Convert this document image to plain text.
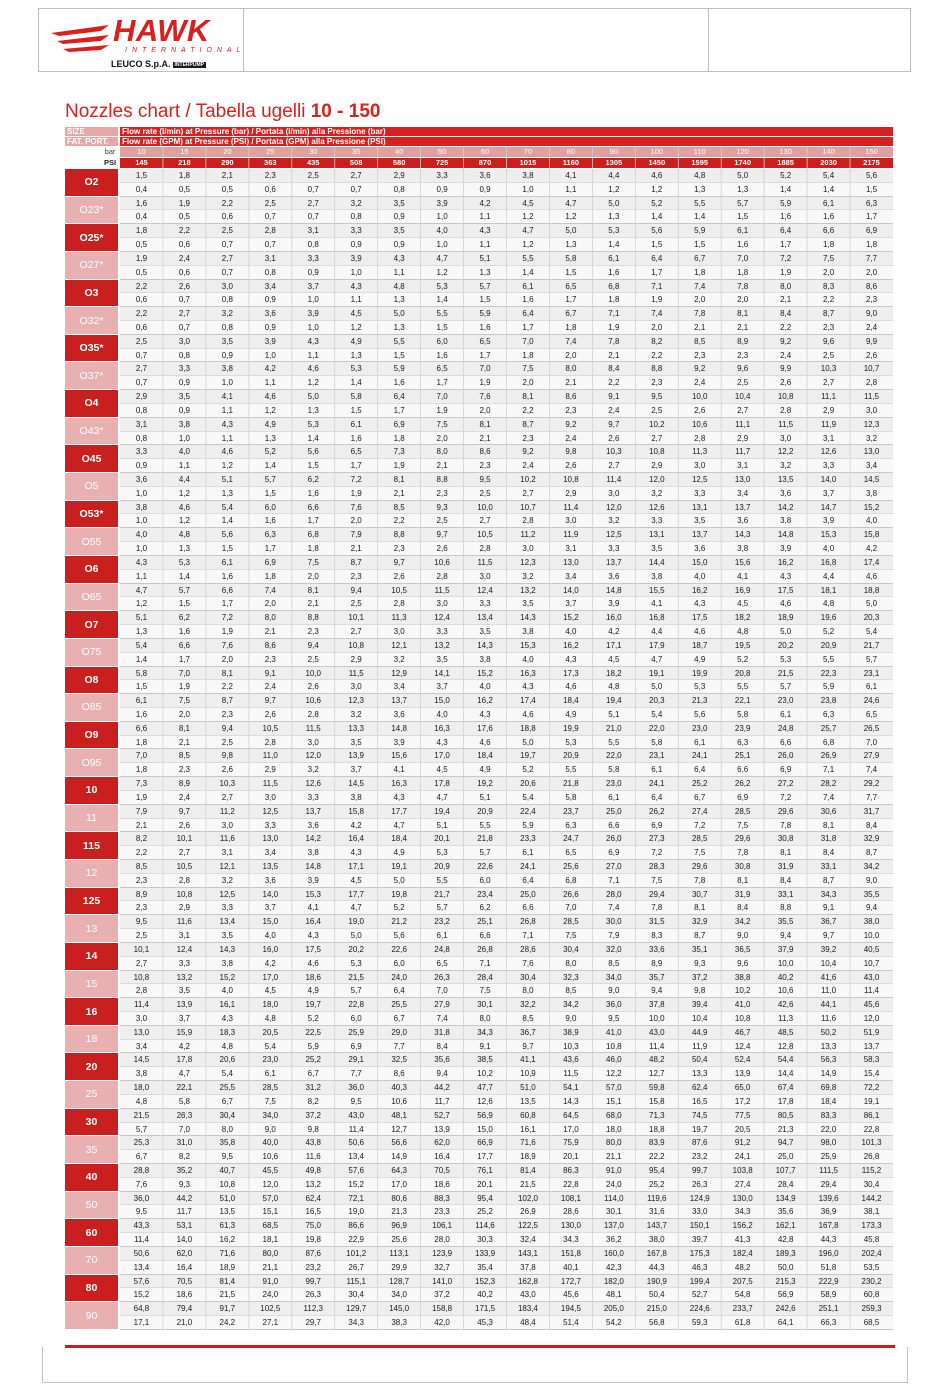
HAWK
INTERNATIONAL
LEUCO S.p.A. INTERPUMP
Nozzles chart / Tabella ugelli 10 - 150
SIZE	Flow rate (l/min) at Pressure (bar) / Portata (l/min) alla Pressione (bar)
FAT. PORT.	Flow rate (GPM) at Pressure (PSI) / Portata (GPM) alla Pressione (PSI)
bar	10	15	20	25	30	35	40	50	60	70	80	90	100	110	120	130	140	150
PSI	145	218	290	363	435	508	580	725	870	1015	1160	1305	1450	1595	1740	1885	2030	2175
O2
1,5	1,8	2,1	2,3	2,5	2,7	2,9	3,3	3,6	3,8	4,1	4,4	4,6	4,8	5,0	5,2	5,4	5,6
0,4	0,5	0,5	0,6	0,7	0,7	0,8	0,9	0,9	1,0	1,1	1,2	1,2	1,3	1,3	1,4	1,4	1,5
O23*
1,6	1,9	2,2	2,5	2,7	3,2	3,5	3,9	4,2	4,5	4,7	5,0	5,2	5,5	5,7	5,9	6,1	6,3
0,4	0,5	0,6	0,7	0,7	0,8	0,9	1,0	1,1	1,2	1,2	1,3	1,4	1,4	1,5	1,6	1,6	1,7
O25*
1,8	2,2	2,5	2,8	3,1	3,3	3,5	4,0	4,3	4,7	5,0	5,3	5,6	5,9	6,1	6,4	6,6	6,9
0,5	0,6	0,7	0,7	0,8	0,9	0,9	1,0	1,1	1,2	1,3	1,4	1,5	1,5	1,6	1,7	1,8	1,8
O27*
1,9	2,4	2,7	3,1	3,3	3,9	4,3	4,7	5,1	5,5	5,8	6,1	6,4	6,7	7,0	7,2	7,5	7,7
0,5	0,6	0,7	0,8	0,9	1,0	1,1	1,2	1,3	1,4	1,5	1,6	1,7	1,8	1,8	1,9	2,0	2,0
O3
2,2	2,6	3,0	3,4	3,7	4,3	4,8	5,3	5,7	6,1	6,5	6,8	7,1	7,4	7,8	8,0	8,3	8,6
0,6	0,7	0,8	0,9	1,0	1,1	1,3	1,4	1,5	1,6	1,7	1,8	1,9	2,0	2,0	2,1	2,2	2,3
O32*
2,2	2,7	3,2	3,6	3,9	4,5	5,0	5,5	5,9	6,4	6,7	7,1	7,4	7,8	8,1	8,4	8,7	9,0
0,6	0,7	0,8	0,9	1,0	1,2	1,3	1,5	1,6	1,7	1,8	1,9	2,0	2,1	2,1	2,2	2,3	2,4
O35*
2,5	3,0	3,5	3,9	4,3	4,9	5,5	6,0	6,5	7,0	7,4	7,8	8,2	8,5	8,9	9,2	9,6	9,9
0,7	0,8	0,9	1,0	1,1	1,3	1,5	1,6	1,7	1,8	2,0	2,1	2,2	2,3	2,3	2,4	2,5	2,6
O37*
2,7	3,3	3,8	4,2	4,6	5,3	5,9	6,5	7,0	7,5	8,0	8,4	8,8	9,2	9,6	9,9	10,3	10,7
0,7	0,9	1,0	1,1	1,2	1,4	1,6	1,7	1,9	2,0	2,1	2,2	2,3	2,4	2,5	2,6	2,7	2,8
O4
2,9	3,5	4,1	4,6	5,0	5,8	6,4	7,0	7,6	8,1	8,6	9,1	9,5	10,0	10,4	10,8	11,1	11,5
0,8	0,9	1,1	1,2	1,3	1,5	1,7	1,9	2,0	2,2	2,3	2,4	2,5	2,6	2,7	2,8	2,9	3,0
O43*
3,1	3,8	4,3	4,9	5,3	6,1	6,9	7,5	8,1	8,7	9,2	9,7	10,2	10,6	11,1	11,5	11,9	12,3
0,8	1,0	1,1	1,3	1,4	1,6	1,8	2,0	2,1	2,3	2,4	2,6	2,7	2,8	2,9	3,0	3,1	3,2
O45
3,3	4,0	4,6	5,2	5,6	6,5	7,3	8,0	8,6	9,2	9,8	10,3	10,8	11,3	11,7	12,2	12,6	13,0
0,9	1,1	1,2	1,4	1,5	1,7	1,9	2,1	2,3	2,4	2,6	2,7	2,9	3,0	3,1	3,2	3,3	3,4
O5
3,6	4,4	5,1	5,7	6,2	7,2	8,1	8,8	9,5	10,2	10,8	11,4	12,0	12,5	13,0	13,5	14,0	14,5
1,0	1,2	1,3	1,5	1,6	1,9	2,1	2,3	2,5	2,7	2,9	3,0	3,2	3,3	3,4	3,6	3,7	3,8
O53*
3,8	4,6	5,4	6,0	6,6	7,6	8,5	9,3	10,0	10,7	11,4	12,0	12,6	13,1	13,7	14,2	14,7	15,2
1,0	1,2	1,4	1,6	1,7	2,0	2,2	2,5	2,7	2,8	3,0	3,2	3,3	3,5	3,6	3,8	3,9	4,0
O55
4,0	4,8	5,6	6,3	6,8	7,9	8,8	9,7	10,5	11,2	11,9	12,5	13,1	13,7	14,3	14,8	15,3	15,8
1,0	1,3	1,5	1,7	1,8	2,1	2,3	2,6	2,8	3,0	3,1	3,3	3,5	3,6	3,8	3,9	4,0	4,2
O6
4,3	5,3	6,1	6,9	7,5	8,7	9,7	10,6	11,5	12,3	13,0	13,7	14,4	15,0	15,6	16,2	16,8	17,4
1,1	1,4	1,6	1,8	2,0	2,3	2,6	2,8	3,0	3,2	3,4	3,6	3,8	4,0	4,1	4,3	4,4	4,6
O65
4,7	5,7	6,6	7,4	8,1	9,4	10,5	11,5	12,4	13,2	14,0	14,8	15,5	16,2	16,9	17,5	18,1	18,8
1,2	1,5	1,7	2,0	2,1	2,5	2,8	3,0	3,3	3,5	3,7	3,9	4,1	4,3	4,5	4,6	4,8	5,0
O7
5,1	6,2	7,2	8,0	8,8	10,1	11,3	12,4	13,4	14,3	15,2	16,0	16,8	17,5	18,2	18,9	19,6	20,3
1,3	1,6	1,9	2,1	2,3	2,7	3,0	3,3	3,5	3,8	4,0	4,2	4,4	4,6	4,8	5,0	5,2	5,4
O75
5,4	6,6	7,6	8,6	9,4	10,8	12,1	13,2	14,3	15,3	16,2	17,1	17,9	18,7	19,5	20,2	20,9	21,7
1,4	1,7	2,0	2,3	2,5	2,9	3,2	3,5	3,8	4,0	4,3	4,5	4,7	4,9	5,2	5,3	5,5	5,7
O8
5,8	7,0	8,1	9,1	10,0	11,5	12,9	14,1	15,2	16,3	17,3	18,2	19,1	19,9	20,8	21,5	22,3	23,1
1,5	1,9	2,2	2,4	2,6	3,0	3,4	3,7	4,0	4,3	4,6	4,8	5,0	5,3	5,5	5,7	5,9	6,1
O85
6,1	7,5	8,7	9,7	10,6	12,3	13,7	15,0	16,2	17,4	18,4	19,4	20,3	21,3	22,1	23,0	23,8	24,6
1,6	2,0	2,3	2,6	2,8	3,2	3,6	4,0	4,3	4,6	4,9	5,1	5,4	5,6	5,8	6,1	6,3	6,5
O9
6,6	8,1	9,4	10,5	11,5	13,3	14,8	16,3	17,6	18,8	19,9	21,0	22,0	23,0	23,9	24,8	25,7	26,5
1,8	2,1	2,5	2,8	3,0	3,5	3,9	4,3	4,6	5,0	5,3	5,5	5,8	6,1	6,3	6,6	6,8	7,0
O95
7,0	8,5	9,8	11,0	12,0	13,9	15,6	17,0	18,4	19,7	20,9	22,0	23,1	24,1	25,1	26,0	26,9	27,9
1,8	2,3	2,6	2,9	3,2	3,7	4,1	4,5	4,9	5,2	5,5	5,8	6,1	6,4	6,6	6,9	7,1	7,4
10
7,3	8,9	10,3	11,5	12,6	14,5	16,3	17,8	19,2	20,6	21,8	23,0	24,1	25,2	26,2	27,2	28,2	29,2
1,9	2,4	2,7	3,0	3,3	3,8	4,3	4,7	5,1	5,4	5,8	6,1	6,4	6,7	6,9	7,2	7,4	7,7
11
7,9	9,7	11,2	12,5	13,7	15,8	17,7	19,4	20,9	22,4	23,7	25,0	26,2	27,4	28,5	29,6	30,6	31,7
2,1	2,6	3,0	3,3	3,6	4,2	4,7	5,1	5,5	5,9	6,3	6,6	6,9	7,2	7,5	7,8	8,1	8,4
115
8,2	10,1	11,6	13,0	14,2	16,4	18,4	20,1	21,8	23,3	24,7	26,0	27,3	28,5	29,6	30,8	31,8	32,9
2,2	2,7	3,1	3,4	3,8	4,3	4,9	5,3	5,7	6,1	6,5	6,9	7,2	7,5	7,8	8,1	8,4	8,7
12
8,5	10,5	12,1	13,5	14,8	17,1	19,1	20,9	22,6	24,1	25,6	27,0	28,3	29,6	30,8	31,9	33,1	34,2
2,3	2,8	3,2	3,6	3,9	4,5	5,0	5,5	6,0	6,4	6,8	7,1	7,5	7,8	8,1	8,4	8,7	9,0
125
8,9	10,8	12,5	14,0	15,3	17,7	19,8	21,7	23,4	25,0	26,6	28,0	29,4	30,7	31,9	33,1	34,3	35,5
2,3	2,9	3,3	3,7	4,1	4,7	5,2	5,7	6,2	6,6	7,0	7,4	7,8	8,1	8,4	8,8	9,1	9,4
13
9,5	11,6	13,4	15,0	16,4	19,0	21,2	23,2	25,1	26,8	28,5	30,0	31,5	32,9	34,2	35,5	36,7	38,0
2,5	3,1	3,5	4,0	4,3	5,0	5,6	6,1	6,6	7,1	7,5	7,9	8,3	8,7	9,0	9,4	9,7	10,0
14
10,1	12,4	14,3	16,0	17,5	20,2	22,6	24,8	26,8	28,6	30,4	32,0	33,6	35,1	36,5	37,9	39,2	40,5
2,7	3,3	3,8	4,2	4,6	5,3	6,0	6,5	7,1	7,6	8,0	8,5	8,9	9,3	9,6	10,0	10,4	10,7
15
10,8	13,2	15,2	17,0	18,6	21,5	24,0	26,3	28,4	30,4	32,3	34,0	35,7	37,2	38,8	40,2	41,6	43,0
2,8	3,5	4,0	4,5	4,9	5,7	6,4	7,0	7,5	8,0	8,5	9,0	9,4	9,8	10,2	10,6	11,0	11,4
16
11,4	13,9	16,1	18,0	19,7	22,8	25,5	27,9	30,1	32,2	34,2	36,0	37,8	39,4	41,0	42,6	44,1	45,6
3,0	3,7	4,3	4,8	5,2	6,0	6,7	7,4	8,0	8,5	9,0	9,5	10,0	10,4	10,8	11,3	11,6	12,0
18
13,0	15,9	18,3	20,5	22,5	25,9	29,0	31,8	34,3	36,7	38,9	41,0	43,0	44,9	46,7	48,5	50,2	51,9
3,4	4,2	4,8	5,4	5,9	6,9	7,7	8,4	9,1	9,7	10,3	10,8	11,4	11,9	12,4	12,8	13,3	13,7
20
14,5	17,8	20,6	23,0	25,2	29,1	32,5	35,6	38,5	41,1	43,6	46,0	48,2	50,4	52,4	54,4	56,3	58,3
3,8	4,7	5,4	6,1	6,7	7,7	8,6	9,4	10,2	10,9	11,5	12,2	12,7	13,3	13,9	14,4	14,9	15,4
25
18,0	22,1	25,5	28,5	31,2	36,0	40,3	44,2	47,7	51,0	54,1	57,0	59,8	62,4	65,0	67,4	69,8	72,2
4,8	5,8	6,7	7,5	8,2	9,5	10,6	11,7	12,6	13,5	14,3	15,1	15,8	16,5	17,2	17,8	18,4	19,1
30
21,5	26,3	30,4	34,0	37,2	43,0	48,1	52,7	56,9	60,8	64,5	68,0	71,3	74,5	77,5	80,5	83,3	86,1
5,7	7,0	8,0	9,0	9,8	11,4	12,7	13,9	15,0	16,1	17,0	18,0	18,8	19,7	20,5	21,3	22,0	22,8
35
25,3	31,0	35,8	40,0	43,8	50,6	56,6	62,0	66,9	71,6	75,9	80,0	83,9	87,6	91,2	94,7	98,0	101,3
6,7	8,2	9,5	10,6	11,6	13,4	14,9	16,4	17,7	18,9	20,1	21,1	22,2	23,2	24,1	25,0	25,9	26,8
40
28,8	35,2	40,7	45,5	49,8	57,6	64,3	70,5	76,1	81,4	86,3	91,0	95,4	99,7	103,8	107,7	111,5	115,2
7,6	9,3	10,8	12,0	13,2	15,2	17,0	18,6	20,1	21,5	22,8	24,0	25,2	26,3	27,4	28,4	29,4	30,4
50
36,0	44,2	51,0	57,0	62,4	72,1	80,6	88,3	95,4	102,0	108,1	114,0	119,6	124,9	130,0	134,9	139,6	144,2
9,5	11,7	13,5	15,1	16,5	19,0	21,3	23,3	25,2	26,9	28,6	30,1	31,6	33,0	34,3	35,6	36,9	38,1
60
43,3	53,1	61,3	68,5	75,0	86,6	96,9	106,1	114,6	122,5	130,0	137,0	143,7	150,1	156,2	162,1	167,8	173,3
11,4	14,0	16,2	18,1	19,8	22,9	25,6	28,0	30,3	32,4	34,3	36,2	38,0	39,7	41,3	42,8	44,3	45,8
70
50,6	62,0	71,6	80,0	87,6	101,2	113,1	123,9	133,9	143,1	151,8	160,0	167,8	175,3	182,4	189,3	196,0	202,4
13,4	16,4	18,9	21,1	23,2	26,7	29,9	32,7	35,4	37,8	40,1	42,3	44,3	46,3	48,2	50,0	51,8	53,5
80
57,6	70,5	81,4	91,0	99,7	115,1	128,7	141,0	152,3	162,8	172,7	182,0	190,9	199,4	207,5	215,3	222,9	230,2
15,2	18,6	21,5	24,0	26,3	30,4	34,0	37,2	40,2	43,0	45,6	48,1	50,4	52,7	54,8	56,9	58,9	60,8
90
64,8	79,4	91,7	102,5	112,3	129,7	145,0	158,8	171,5	183,4	194,5	205,0	215,0	224,6	233,7	242,6	251,1	259,3
17,1	21,0	24,2	27,1	29,7	34,3	38,3	42,0	45,3	48,4	51,4	54,2	56,8	59,3	61,8	64,1	66,3	68,5
